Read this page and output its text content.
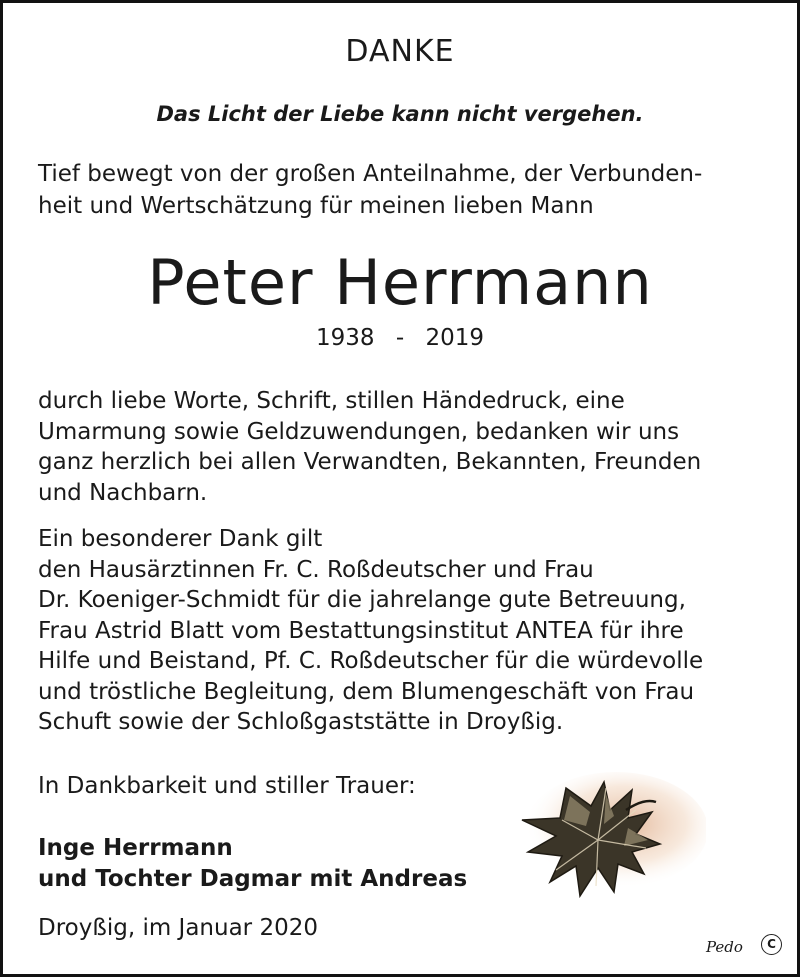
DANKE
Das Licht der Liebe kann nicht vergehen.
Tief bewegt von der großen Anteilnahme, der Verbunden-
heit und Wertschätzung für meinen lieben Mann
Peter Herrmann
1938 - 2019
durch liebe Worte, Schrift, stillen Händedruck, eine
Umarmung sowie Geldzuwendungen, bedanken wir uns
ganz herzlich bei allen Verwandten, Bekannten, Freunden
und Nachbarn.
Ein besonderer Dank gilt
den Hausärztinnen Fr. C. Roßdeutscher und Frau
Dr. Koeniger-Schmidt für die jahrelange gute Betreuung,
Frau Astrid Blatt vom Bestattungsinstitut ANTEA für ihre
Hilfe und Beistand, Pf. C. Roßdeutscher für die würdevolle
und tröstliche Begleitung, dem Blumengeschäft von Frau
Schuft sowie der Schloßgaststätte in Droyßig.
In Dankbarkeit und stiller Trauer:
Inge Herrmann
und Tochter Dagmar mit Andreas
Droyßig, im Januar 2020
Pedo	C
